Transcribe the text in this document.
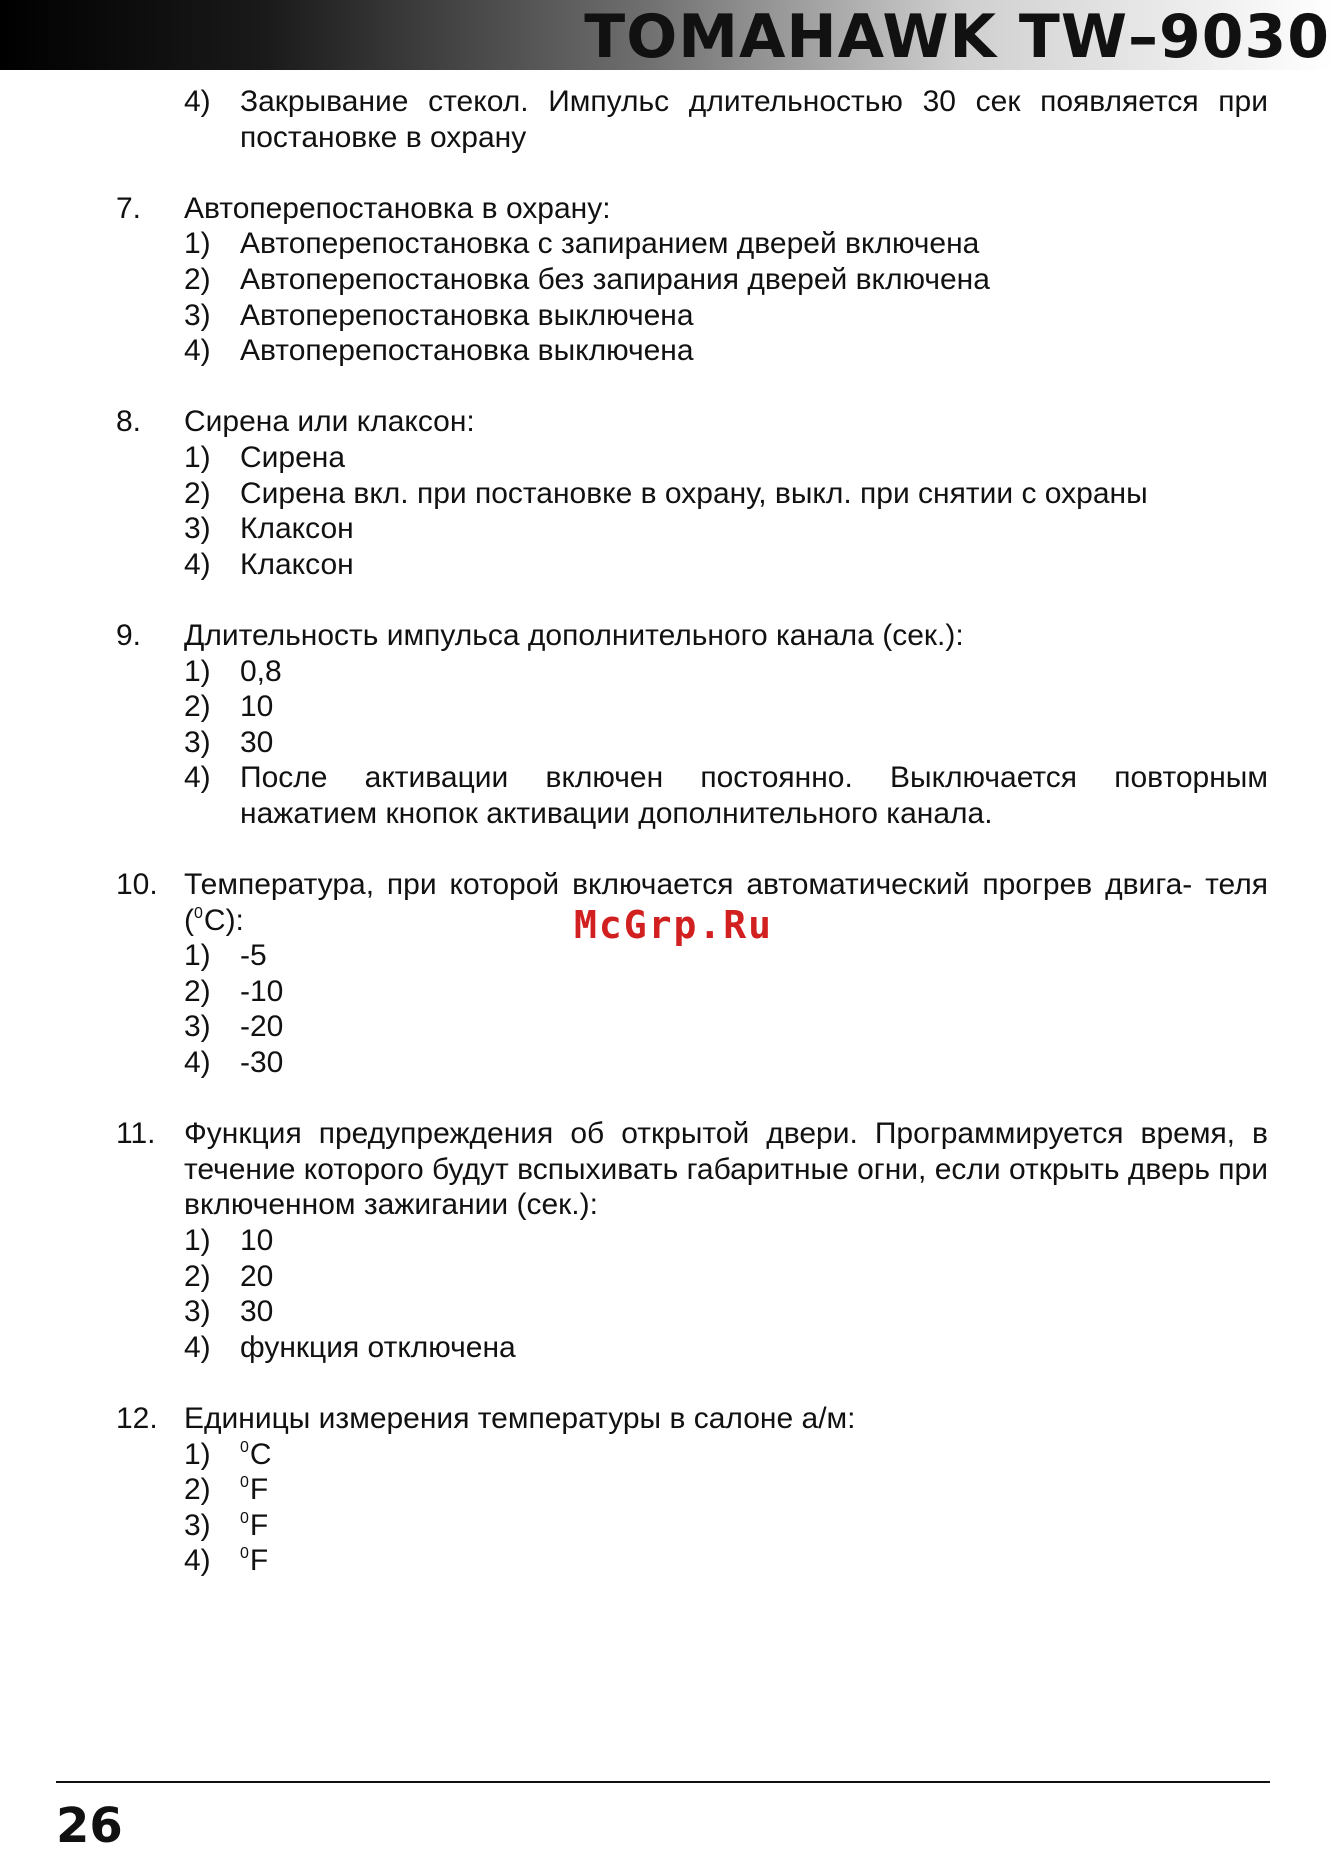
TOMAHAWK TW–9030
4) Закрывание стекол. Импульс длительностью 30 сек появляется при постановке в охрану
7.	Автоперепостановка в охрану:
1) Автоперепостановка с запиранием дверей включена
2) Автоперепостановка без запирания дверей включена
3) Автоперепостановка выключена
4) Автоперепостановка выключена
8.	Сирена или клаксон:
1) Сирена
2) Сирена вкл. при постановке в охрану, выкл. при снятии с охраны
3) Клаксон
4) Клаксон
9.	Длительность импульса дополнительного канала (сек.):
1) 0,8
2) 10
3) 30
4) После активации включен постоянно. Выключается повторным нажатием кнопок активации дополнительного канала.
10. Температура, при которой включается автоматический прогрев двига- теля ($^0$C):
1) -5
2) -10
3) -20
4) -30
11. Функция предупреждения об открытой двери. Программируется время, в течение которого будут вспыхивать габаритные огни, если открыть дверь при включенном зажигании (сек.):
1) 10
2) 20
3) 30
4) функция отключена
12. Единицы измерения температуры в салоне а/м:
1)	$^0$C
2)	$^0$F
3)	$^0$F
4)	$^0$F
McGrp.Ru
26
